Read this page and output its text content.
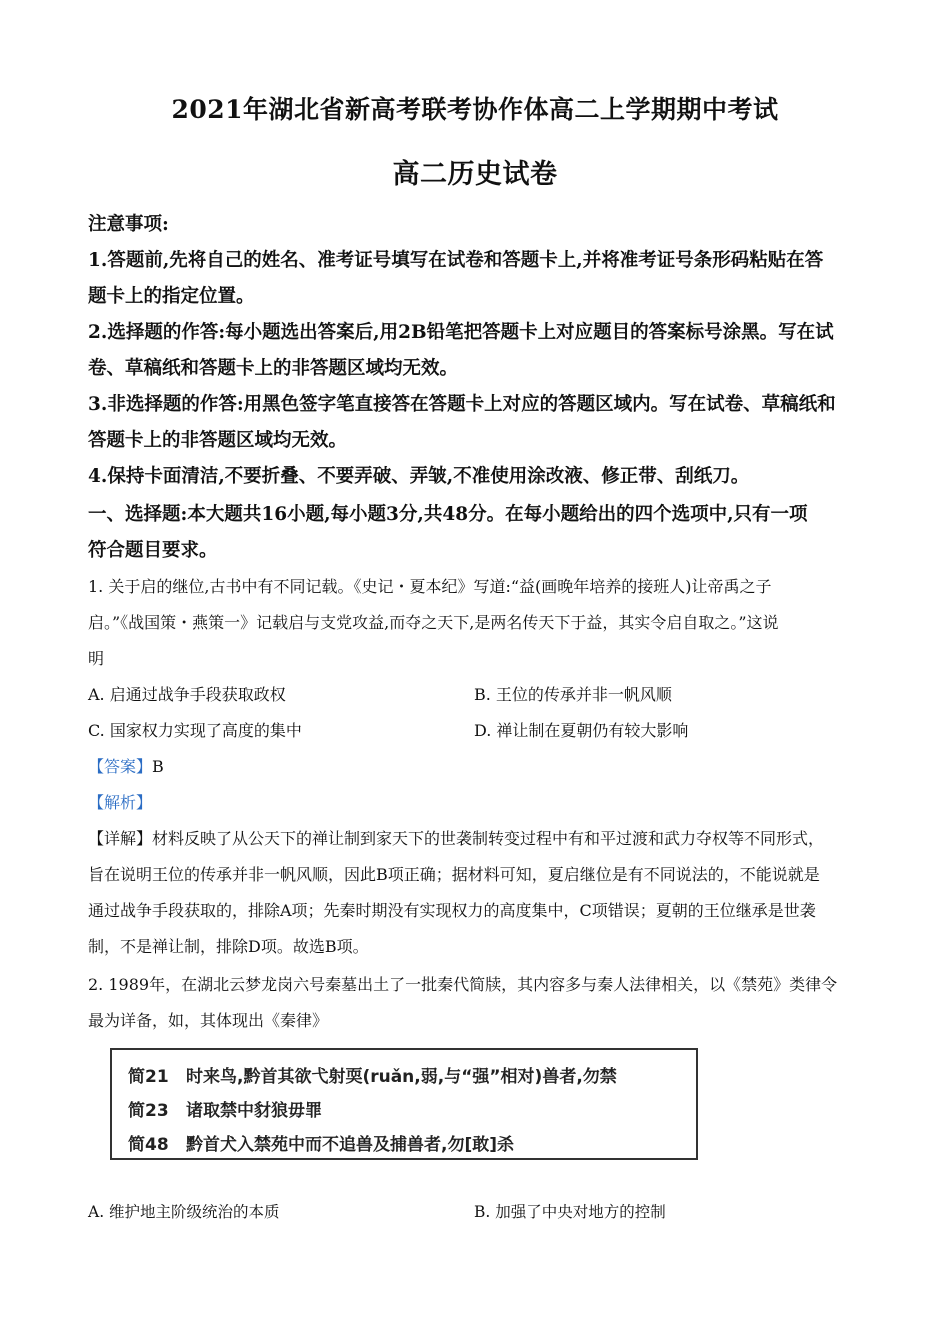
2021年湖北省新高考联考协作体高二上学期期中考试
高二历史试卷
注意事项:
1.答题前,先将自己的姓名、准考证号填写在试卷和答题卡上,并将准考证号条形码粘贴在答
题卡上的指定位置。
2.选择题的作答:每小题选出答案后,用2B铅笔把答题卡上对应题目的答案标号涂黑。写在试
卷、草稿纸和答题卡上的非答题区域均无效。
3.非选择题的作答:用黑色签字笔直接答在答题卡上对应的答题区域内。写在试卷、草稿纸和
答题卡上的非答题区域均无效。
4.保持卡面清洁,不要折叠、不要弄破、弄皱,不准使用涂改液、修正带、刮纸刀。
一、选择题:本大题共16小题,每小题3分,共48分。在每小题给出的四个选项中,只有一项
符合题目要求。
1. 关于启的继位,古书中有不同记载。《史记・夏本纪》写道:“益(画晚年培养的接班人)让帝禹之子
启。”《战国策・燕策一》记载启与支党攻益,而夺之天下,是两名传天下于益，其实令启自取之。”这说
明
A. 启通过战争手段获取政权	B. 王位的传承并非一帆风顺
C. 国家权力实现了高度的集中	D. 禅让制在夏朝仍有较大影响
【答案】B
【解析】
【详解】材料反映了从公天下的禅让制到家天下的世袭制转变过程中有和平过渡和武力夺权等不同形式，
旨在说明王位的传承并非一帆风顺，因此B项正确；据材料可知，夏启继位是有不同说法的，不能说就是
通过战争手段获取的，排除A项；先秦时期没有实现权力的高度集中，C项错误；夏朝的王位继承是世袭
制，不是禅让制，排除D项。故选B项。
2. 1989年，在湖北云梦龙岗六号秦墓出土了一批秦代简牍，其内容多与秦人法律相关，以《禁苑》类律令
最为详备，如，其体现出《秦律》
简21 时来鸟,黔首其欲弋射耎(ruǎn,弱,与“强”相对)兽者,勿禁
简23 诸取禁中豺狼毋罪
简48 黔首犬入禁苑中而不追兽及捕兽者,勿[敢]杀
A. 维护地主阶级统治的本质	B. 加强了中央对地方的控制
